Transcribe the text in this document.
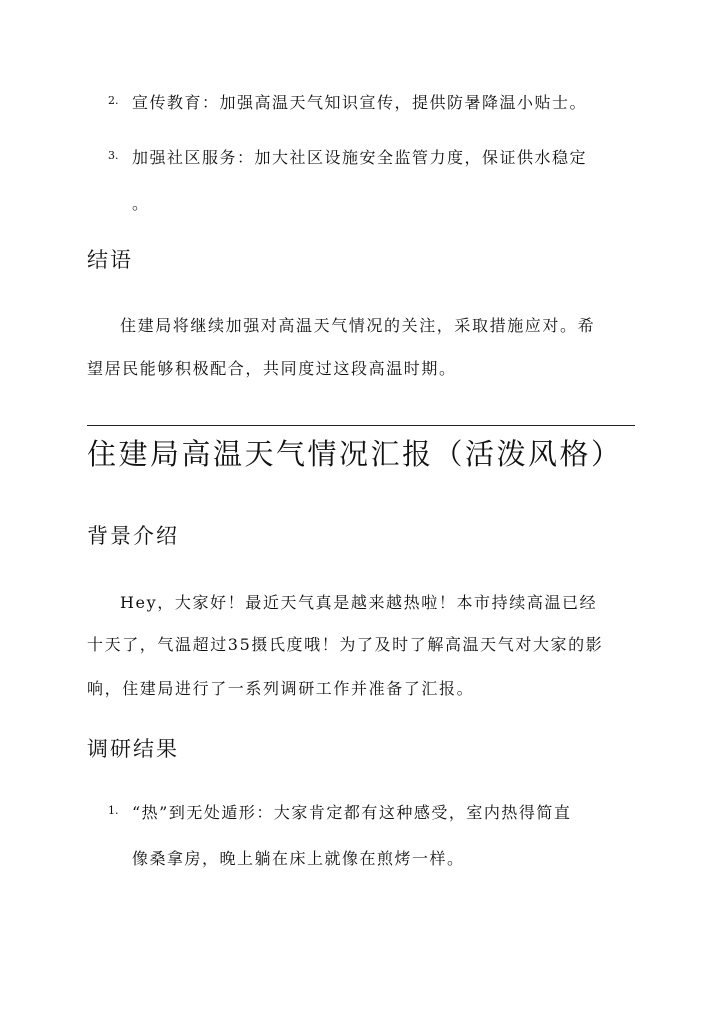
2. 宣传教育：加强高温天气知识宣传，提供防暑降温小贴士。
3. 加强社区服务：加大社区设施安全监管力度，保证供水稳定
。
结语
住建局将继续加强对高温天气情况的关注，采取措施应对。希
望居民能够积极配合，共同度过这段高温时期。
住建局高温天气情况汇报（活泼风格）
背景介绍
Hey，大家好！最近天气真是越来越热啦！本市持续高温已经
十天了，气温超过35摄氏度哦！为了及时了解高温天气对大家的影
响，住建局进行了一系列调研工作并准备了汇报。
调研结果
1. “热”到无处遁形：大家肯定都有这种感受，室内热得简直
像桑拿房，晚上躺在床上就像在煎烤一样。
